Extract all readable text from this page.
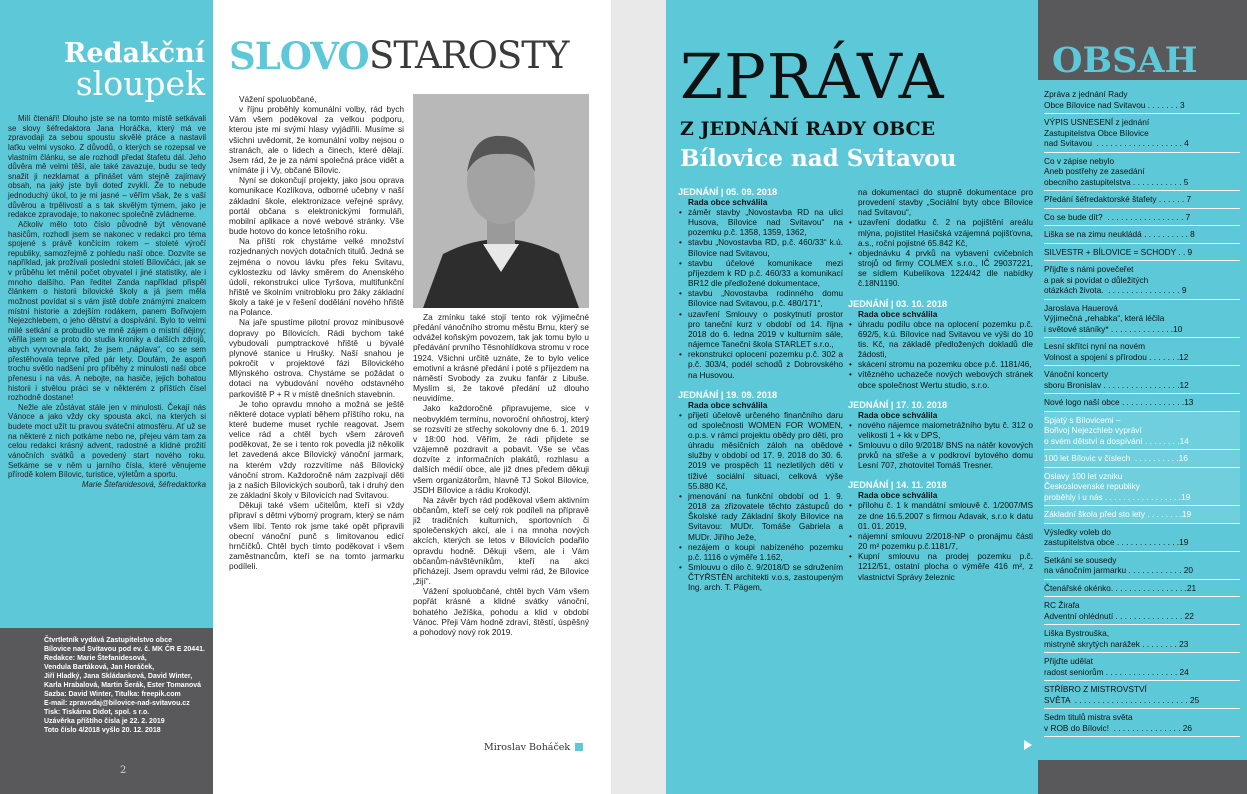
Redakční
sloupek

Milí čtenáři! Dlouho jste se na tomto místě setkávali se slovy šéfredaktora Jana Horáčka, který má ve zpravodaji za sebou spoustu skvělé práce a nastavil laťku velmi vysoko. Z důvodů, o kterých se rozepsal ve vlastním článku, se ale rozhodl předat štafetu dál. Jeho důvěra mě velmi těší, ale také zavazuje, budu se tedy snažit ji nezklamat a přinášet vám stejně zajímavý obsah, na jaký jste byli doteď zvyklí. Že to nebude jednoduchý úkol, to je mi jasné – věřím však, že s vaší důvěrou a trpělivostí a s tak skvělým týmem, jako je redakce zpravodaje, to nakonec společně zvládneme.

Ačkoliv mělo toto číslo původně být věnované hasičům, rozhodl jsem se nakonec v redakci pro téma spojené s právě končícím rokem – stoleté výročí republiky, samozřejmě z pohledu naší obce. Dozvíte se například, jak prožívali poslední století Bílovičáci, jak se v průběhu let měnil počet obyvatel i jiné statistiky, ale i mnoho dalšího. Pan ředitel Zanda například přispěl článkem o historii bílovické školy a já jsem měla možnost povídat si s vám jistě dobře známými znalcem místní historie a zdejším rodákem, panem Bořivojem Nejezchlebem, o jeho dětství a dospívání. Bylo to velmi milé setkání a probudilo ve mně zájem o místní dějiny; věřila jsem se proto do studia kroniky a dalších zdrojů, abych vyvrovnala fakt, že jsem „náplava“, co se sem přestěhovala teprve před pár lety. Doufám, že aspoň trochu světlo nadšení pro příběhy z minulosti naší obce přenesu i na vás. A nebojte, na hasiče, jejich bohatou historii i stvělou práci se v některém z příštích čísel rozhodně dostane!

Nežle ale zůstávat stále jen v minulosti. Čekají nás Vánoce a jako vždy cky spousta akcí, na kterých si budete moct užít tu pravou sváteční atmosféru. Ať už se na některé z nich potkáme nebo ne, přejeu vám tam za celou redakci krásný advent, radostné a klidné prožití vánočních svátků a povedený start nového roku. Setkáme se v něm u jarního čísla, které věnujeme přírodě kolem Bílovic, turistice, výletům a sportu.

Marie Štefanidesová, šéfredaktorka
Čtvrtletník vydává Zastupitelstvo obce
Bílovice nad Svitavou pod ev. č. MK ČR E 20441.
Redakce: Marie Štefanidesová,
Vendula Bartáková, Jan Horáček,
Jiří Hladký, Jana Skládanková, David Winter,
Karla Hrabalová, Martin Šerák, Ester Tomanová
Sazba: David Winter, Titulka: freepik.com
E-mail: zpravodaj@bilovice-nad-svitavou.cz
Tisk: Tiskárna Didot, spol. s r.o.
Uzávěrka příštího čísla je 22. 2. 2019
Toto číslo 4/2018 vyšlo 20. 12. 2018
2
SLOVO STAROSTY

Vážení spoluobčané,

v říjnu proběhly komunální volby, rád bych Vám všem poděkoval za velkou podporu, kterou jste mi svými hlasy vyjádřili. Musíme si všichni uvědomit, že komunální volby nejsou o stranách, ale o lidech a činech, které dělají. Jsem rád, že je za námi společná práce vidět a vnímáte ji i Vy, občané Bílovic.

Nyní se dokončují projekty, jako jsou oprava komunikace Kozlíkova, odborné učebny v naší základní škole, elektronizace veřejné správy, portál občana s elektronickými formuláři, mobilní aplikace a nové webové stránky. Vše bude hotovo do konce letošního roku.

Na příští rok chystáme velké množství rozjednaných nových dotačních titulů. Jedná se zejména o novou lávku přes řeku Svitavu, cyklostezku od lávky směrem do Anenského údolí, rekonstrukci ulice Tyršova, multifunkční hřiště ve školním vnitrobloku pro žáky základní školy a také je v řešení dodělání nového hřiště na Polance.

Na jaře spustíme pilotní provoz minibusové dopravy po Bílovicích. Rádi bychom také vybudovali pumptrackové hřiště u bývalé plynové stanice u Hrušky. Naší snahou je pokročit v projektové fázi Bílovického Mlýnského ostrova. Chystáme se požádat o dotaci na vybudování nového odstavného parkoviště P + R v místě dnešních stavebnin.

Je toho opravdu mnoho a možná se ještě některé dotace vyplatí během příštího roku, na které budeme muset rychle reagovat. Jsem velice rád a chtěl bych všem zároveň poděkovat, že se i tento rok povedla již několik let zavedená akce Bílovický vánoční jarmark, na kterém vždy rozzvítíme náš Bílovický vánoční strom. Každoročně nám zazpívají děti ja z našich Bílovických souborů, tak i druhý den ze základní školy v Bílovicích nad Svitavou.

Děkuji také všem učitelům, kteří si vždy připraví s dětmi výborný program, který se nám všem líbí. Tento rok jsme také opět připravili obecní vánoční punč s limitovanou edicí hrnčíčků. Chtěl bych tímto poděkovat i všem zaměstnancům, kteří se na tomto jarmarku podíleli.

Za zmínku také stojí tento rok výjimečné předání vánočního stromu městu Brnu, který se odvážel koňským povozem, tak jak tomu bylo u předávání prvního Těsnohlídkova stromu v roce 1924. Všichni určitě uznáte, že to bylo velice emotivní a krásné předání i poté s příjezdem na náměstí Svobody za zvuku fanfár z Libuše. Myslím si, že takové předání už dlouho neuvidíme.

Jako každoročně připravujeme, sice v neobvyklém termínu, novoroční ohňostroj, který se rozsvítí ze střechy sokolovny dne 6. 1. 2019 v 18:00 hod. Věřím, že rádi přijdete se vzájemně pozdravit a pobavit. Vše se včas dozvíte z informačních plakátů, rozhlasu a dalších médií obce, ale již dnes předem děkuji všem organizátorům, hlavně TJ Sokol Bílovice, JSDH Bílovice a rádiu Krokodýl.

Na závěr bych rád poděkoval všem aktivním občanům, kteří se celý rok podíleli na přípravě již tradičních kulturních, sportovních či společenských akcí, ale i na mnoha nových akcích, kterých se letos v Bílovicích podařilo opravdu hodně. Děkuji všem, ale i Vám občanům-návštěvníkům, kteří na akci přicházejí. Jsem opravdu velmi rád, že Bílovice „žijí“.

Vážení spoluobčané, chtěl bych Vám všem popřát krásné a klidné svátky vánoční, bohatého Ježíška, pohodu a klid v období Vánoc. Přeji Vám hodně zdraví, štěstí, úspěšný a pohodový nový rok 2019.

Miroslav Boháček
ZPRÁVA
Z JEDNÁNÍ RADY OBCE
Bílovice nad Svitavou
JEDNÁNÍ | 05. 09. 2018
Rada obce schválila
• záměr stavby „Novostavba RD na ulici Husova, Bílovice nad Svitavou“ na pozemku p.č. 1358, 1359, 1362,
• stavbu „Novostavba RD, p.č. 460/33“ k.ú. Bílovice nad Svitavou,
• stavbu účelové komunikace mezi příjezdem k RD p.č. 460/33 a komunikací BR12 dle předložené dokumentace,
• stavbu „Novostavba rodinného domu Bílovice nad Svitavou, p.č. 480/171“,
• uzavření Smlouvy o poskytnutí prostor pro taneční kurz v období od 14. října 2018 do 6. ledna 2019 v kulturním sále, nájemce Taneční škola STARLET s.r.o.,
• rekonstrukci oplocení pozemku p.č. 302 a p.č. 303/4, podél schodů z Dobrovského na Husovou.
JEDNÁNÍ | 19. 09. 2018
Rada obce schválila
• přijetí účelově určeného finančního daru od společnosti WOMEN FOR WOMEN, o.p.s. v rámci projektu obědy pro děti, pro úhradu měsíčních záloh na obědové služby v období od 17. 9. 2018 do 30. 6. 2019 ve prospěch 11 nezletilých dětí v tíživé sociální situaci, celková výše 55.880 Kč,
• jmenování na funkční období od 1. 9. 2018 za zřizovatele těchto zástupců do Školské rady Základní školy Bílovice na Svitavou: MUDr. Tomáše Gabriela a MUDr. Jiřího Ježe,
• nezájem o koupi nabízeného pozemku p.č. 1116 o výměře 1.162,
• Smlouvu o dílo č. 9/2018/D se sdružením ČTYŘSTĚN architekti v.o.s, zastoupeným Ing. arch. T. Pägem,
na dokumentaci do stupně dokumentace pro provedení stavby „Sociální byty obce Bílovice nad Svitavou“,
• uzavření dodatku č. 2 na pojištění areálu mlýna, pojistitel Hasičská vzájemná pojišťovna, a.s., roční pojistné 65.842 Kč,
• objednávku 4 prvků na vybavení cvičebních strojů od firmy COLMEX s.r.o., IČ 29037221, se sídlem Kubelíkova 1224/42 dle nabídky č.18N1190.
JEDNÁNÍ | 03. 10. 2018
Rada obce schválila
• úhradu podílu obce na oplocení pozemku p.č. 692/5, k.ú. Bílovice nad Svitavou ve výši do 10 tis. Kč, na základě předložených dokladů dle žádosti,
• skácení stromu na pozemku obce p.č. 1181/46,
• vítězného uchazeče nových webových stránek obce společnost Wertu studio, s.r.o.
JEDNÁNÍ | 17. 10. 2018
Rada obce schválila
• nového nájemce malometrážního bytu č. 312 o velikosti 1 + kk v DPS,
• Smlouvu o dílo 9/2018/ BNS na nátěr kovových prvků na střeše a v podkroví bytového domu Lesní 707, zhotovitel Tomáš Tresner.
JEDNÁNÍ | 14. 11. 2018
Rada obce schválila
• přílohu č. 1 k mandátní smlouvě č. 1/2007/MS ze dne 16.5.2007 s firmou Adavak, s.r.o k datu 01. 01. 2019,
• nájemní smlouvu 2/2018-NP o pronájmu části 20 m² pozemku p.č.1181/7,
• Kupní smlouvu na prodej pozemku p.č. 1212/51, ostatní plocha o výměře 416 m², z vlastnictví Správy železnic
OBSAH
Zpráva z jednání Rady
Obce Bílovice nad Svitavou . . . . . . . 3
VÝPIS USNESENÍ z jednání
Zastupitelstva Obce Bílovice
nad Svitavou  . . . . . . . . . . . . . . . . . . . 4
Co v zápise nebylo
Aneb postřehy ze zasedání
obecního zastupitelstva . . . . . . . . . . . 5
Předání šéfredaktorské štafety . . . . . . 7
Co se bude dít?  . . . . . . . . . . . . . . . . . 7
Liška se na zimu neukládá . . . . . . . . . . 8
SILVESTR + BÍLOVICE = SCHODY . . 9
Přijďte s námi povečeřet
a pak si povídat o důležitých
otázkách života.  . . . . . . . . . . . . . . . . 9
Jaroslava Hauerová
Výjimečná „rehabka“, která léčila
i světové stáníky* . . . . . . . . . . . . . .10
Lesní skřítci nyní na novém
Volnost a spojení s přírodou . . . . . . .12
Vánoční koncerty
sboru Bronislav . . . . . . . . . . . . . . . . .12
Nové logo naší obce . . . . . . . . . . . . . .13
Spjatý s Bílovicemi –
Bořivoj Nejezchleb vypráví
o svém dětství a dospívání . . . . . . . .14
100 let Bílovic v číslech  . . . . . . . . . .16
Oslavy 100 let vzniku
Československé republiky
proběhly i u nás . . . . . . . . . . . . . . . . .19
Základní škola před sto lety . . . . . . . .19
Výsledky voleb do
zastupitelstva obce . . . . . . . . . . . . . .19
Setkání se sousedy
na vánočním jarmarku . . . . . . . . . . . . 20
Čtenářské okénko. . . . . . . . . . . . . . . . .21
RC Žirafa
Adventní ohlédnutí . . . . . . . . . . . . . . . 22
Liška Bystrouška,
mistryně skrytých narážek . . . . . . . . 23
Přijďte udělat
radost seniorům . . . . . . . . . . . . . . . . 24
STŘÍBRO Z MISTROVSTVÍ
SVĚTA  . . . . . . . . . . . . . . . . . . . . . . . . . 25
Sedm titulů mistra světa
v ROB do Bílovic!  . . . . . . . . . . . . . . . 26
